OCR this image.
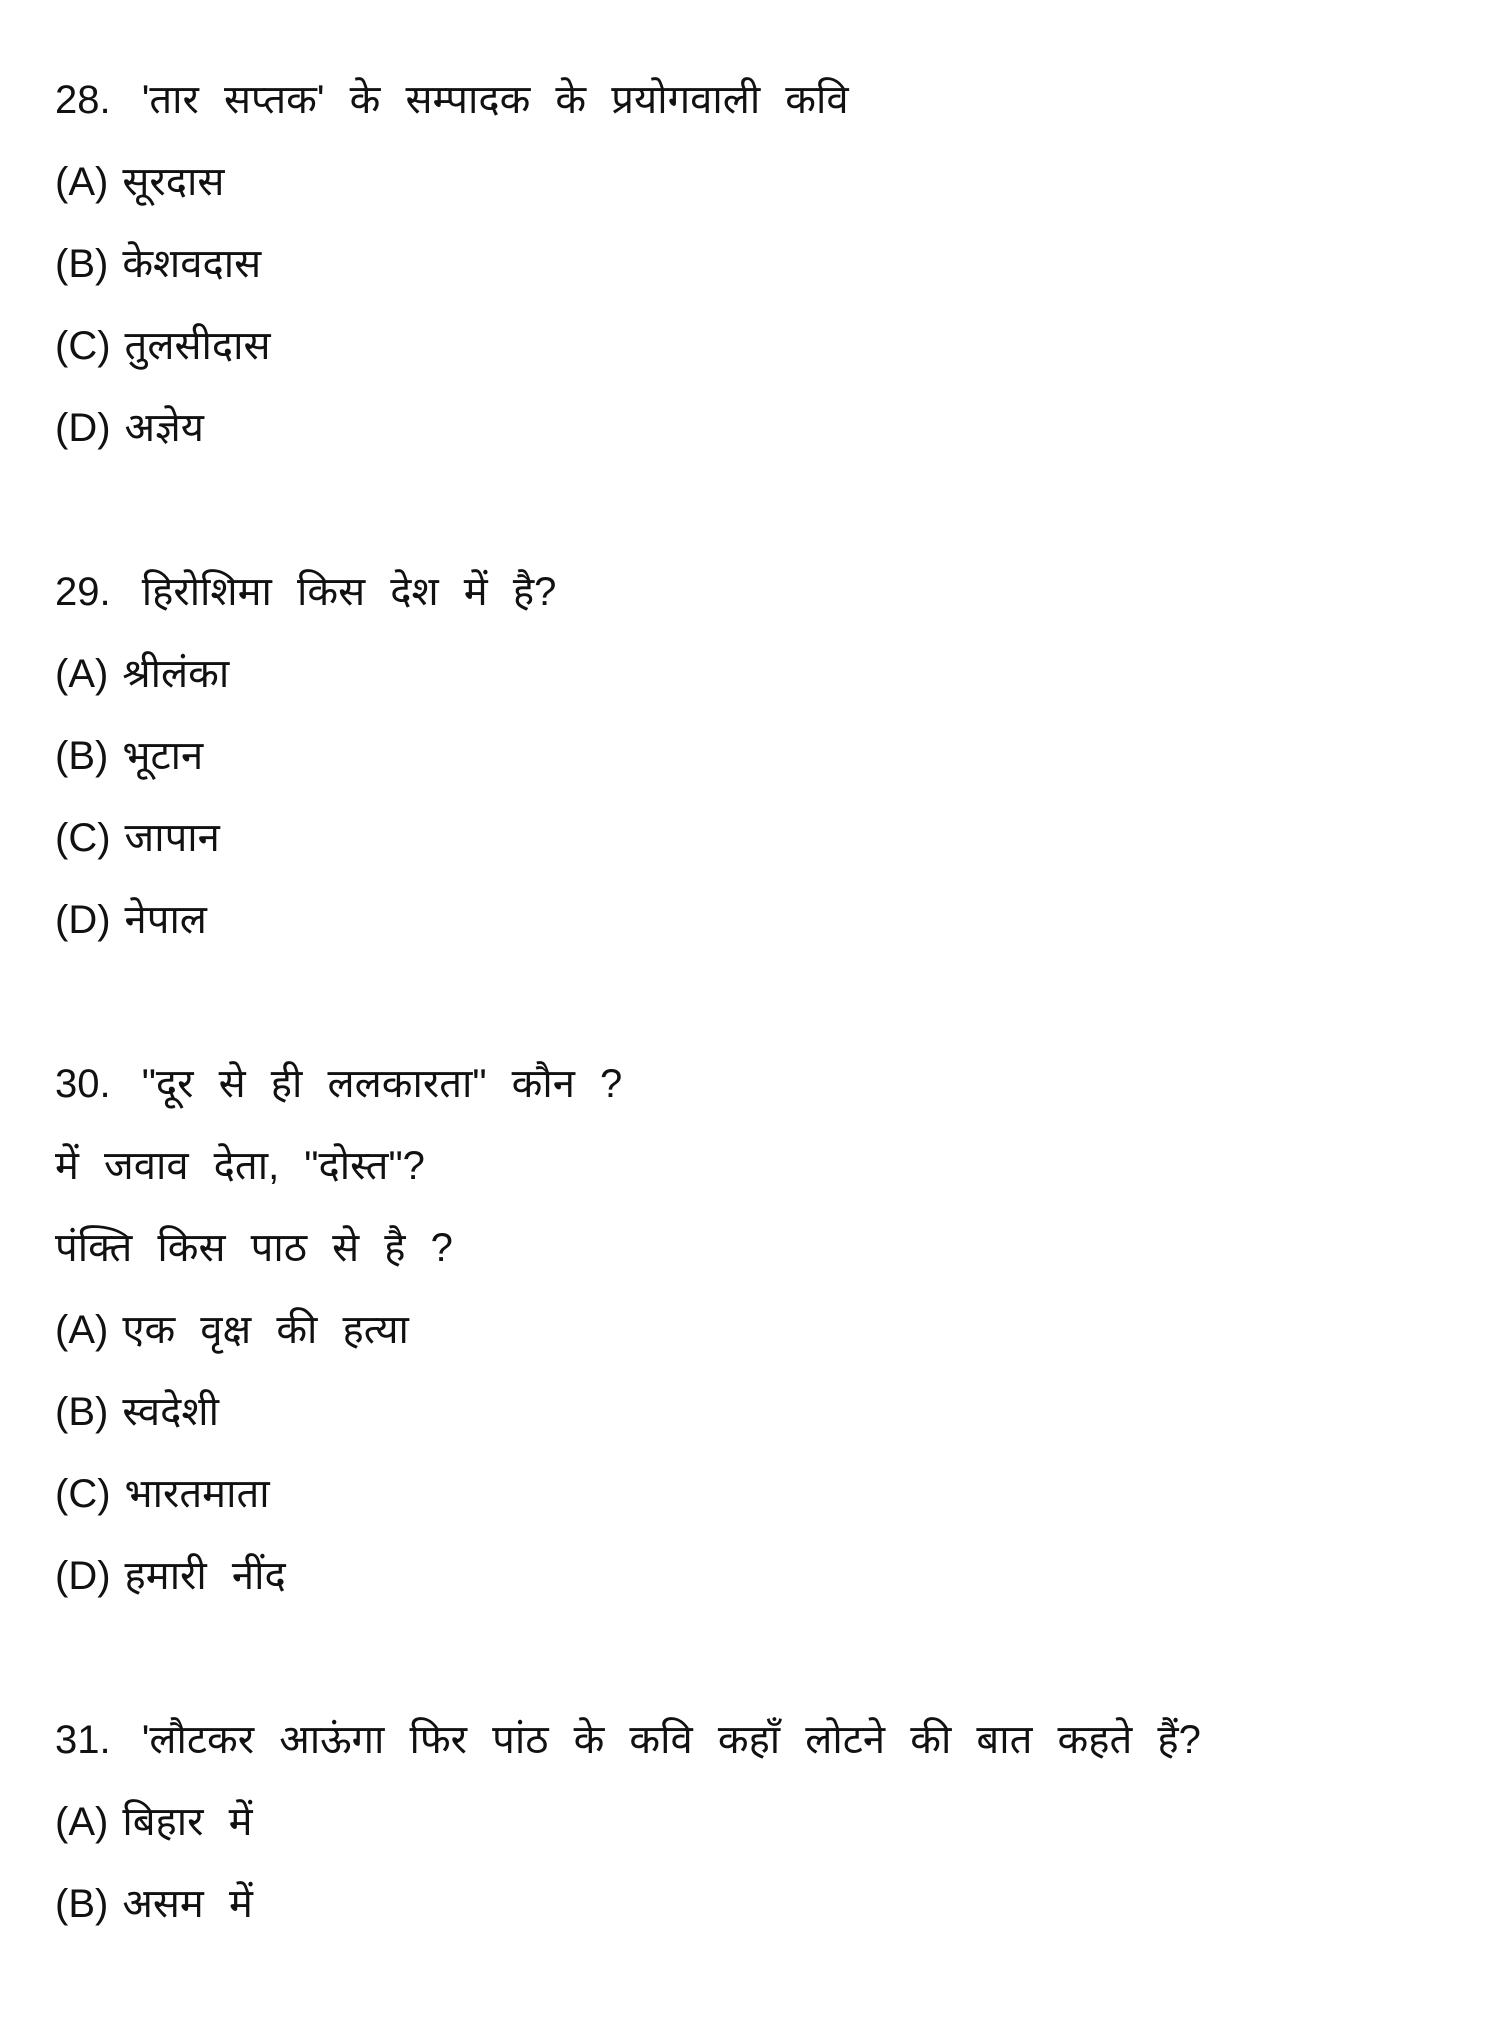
28. 'तार सप्तक' के सम्पादक के प्रयोगवाली कवि
(A) सूरदास
(B) केशवदास
(C) तुलसीदास
(D) अज्ञेय
29. हिरोशिमा किस देश में है?
(A) श्रीलंका
(B) भूटान
(C) जापान
(D) नेपाल
30. "दूर से ही ललकारता" कौन ?
में जवाव देता, "दोस्त"?
पंक्ति किस पाठ से है ?
(A) एक वृक्ष की हत्या
(B) स्वदेशी
(C) भारतमाता
(D) हमारी नींद
31. 'लौटकर आऊंगा फिर पांठ के कवि कहाँ लोटने की बात कहते हैं?
(A) बिहार में
(B) असम में
